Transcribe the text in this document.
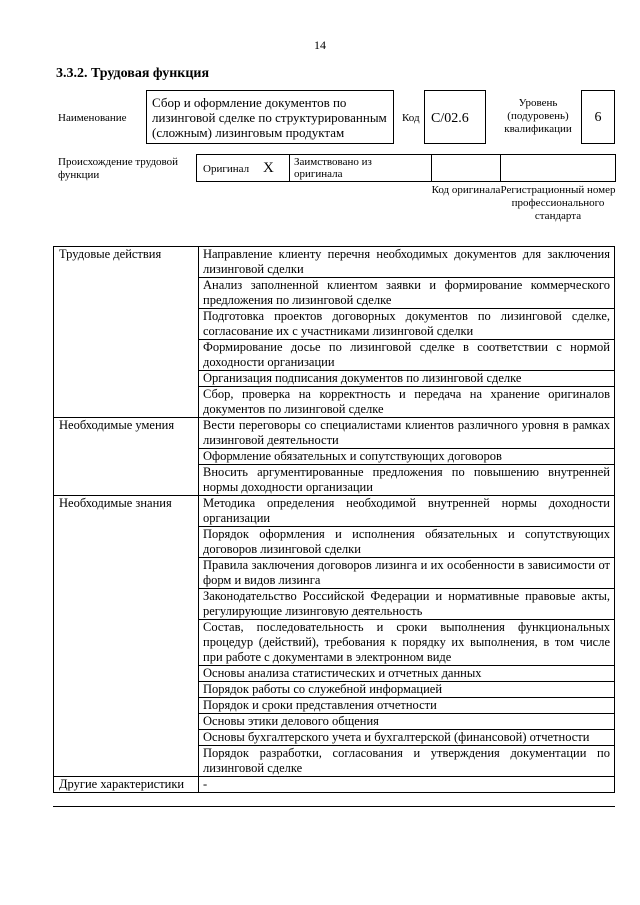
14
3.3.2. Трудовая функция
Наименование
Сбор и оформление документов по лизинговой сделке по структурированным (сложным) лизинговым продуктам
Код C/02.6
Уровень (подуровень) квалификации
6
Происхождение трудовой функции	Оригинал X Заимствовано из оригинала
Код оригинала Регистрационный номер профессионального стандарта
Трудовые действия	Направление клиенту перечня необходимых документов для заключения лизинговой сделки
	Анализ заполненной клиентом заявки и формирование коммерческого предложения по лизинговой сделке
	Подготовка проектов договорных документов по лизинговой сделке, согласование их с участниками лизинговой сделки
	Формирование досье по лизинговой сделке в соответствии с нормой доходности организации
	Организация подписания документов по лизинговой сделке
	Сбор, проверка на корректность и передача на хранение оригиналов документов по лизинговой сделке
Необходимые умения	Вести переговоры со специалистами клиентов различного уровня в рамках лизинговой деятельности
	Оформление обязательных и сопутствующих договоров
	Вносить аргументированные предложения по повышению внутренней нормы доходности организации
Необходимые знания	Методика определения необходимой внутренней нормы доходности организации
	Порядок оформления и исполнения обязательных и сопутствующих договоров лизинговой сделки
	Правила заключения договоров лизинга и их особенности в зависимости от форм и видов лизинга
	Законодательство Российской Федерации и нормативные правовые акты, регулирующие лизинговую деятельность
	Состав, последовательность и сроки выполнения функциональных процедур (действий), требования к порядку их выполнения, в том числе при работе с документами в электронном виде
	Основы анализа статистических и отчетных данных
	Порядок работы со служебной информацией
	Порядок и сроки представления отчетности
	Основы этики делового общения
	Основы бухгалтерского учета и бухгалтерской (финансовой) отчетности
	Порядок разработки, согласования и утверждения документации по лизинговой сделке
Другие характеристики	-
